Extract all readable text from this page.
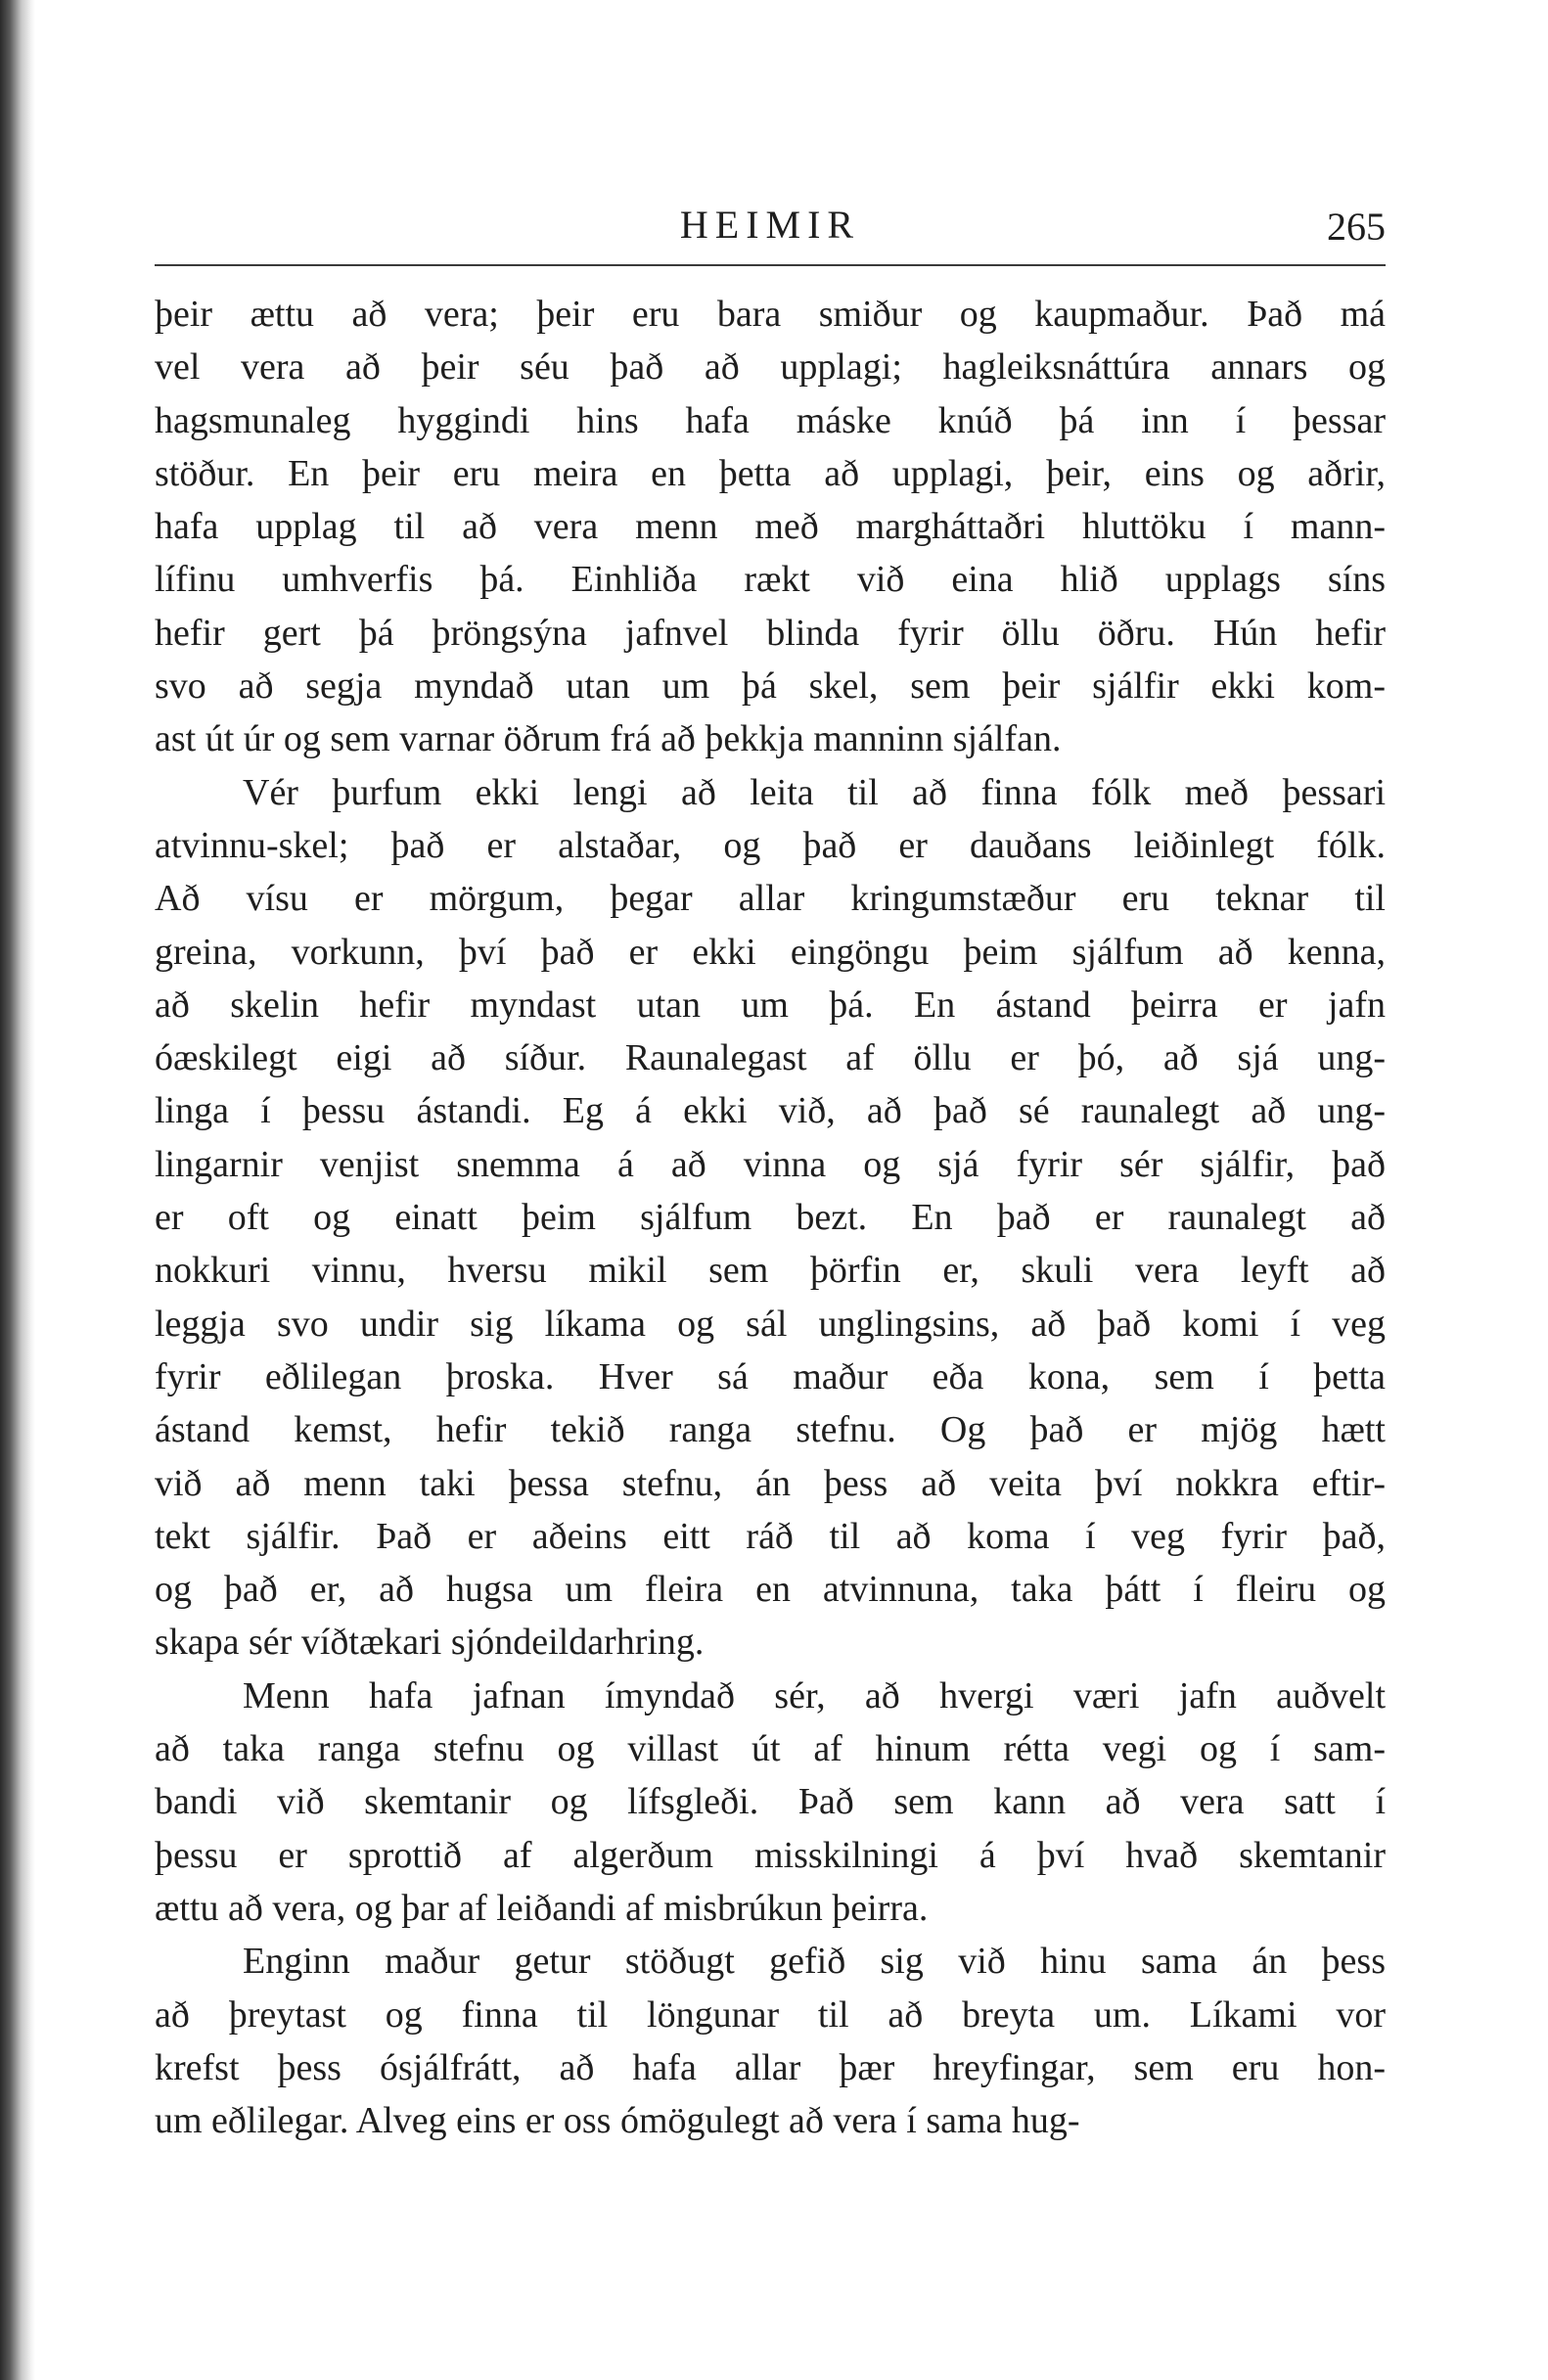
HEIMIR	265
þeir ættu að vera; þeir eru bara smiður og kaupmaður. Það má
vel vera að þeir séu það að upplagi; hagleiksnáttúra annars og
hagsmunaleg hyggindi hins hafa máske knúð þá inn í þessar
stöður. En þeir eru meira en þetta að upplagi, þeir, eins og aðrir,
hafa upplag til að vera menn með margháttaðri hluttöku í mann-
lífinu umhverfis þá. Einhliða rækt við eina hlið upplags síns
hefir gert þá þröngsýna jafnvel blinda fyrir öllu öðru. Hún hefir
svo að segja myndað utan um þá skel, sem þeir sjálfir ekki kom-
ast út úr og sem varnar öðrum frá að þekkja manninn sjálfan.
Vér þurfum ekki lengi að leita til að finna fólk með þessari
atvinnu-skel; það er alstaðar, og það er dauðans leiðinlegt fólk.
Að vísu er mörgum, þegar allar kringumstæður eru teknar til
greina, vorkunn, því það er ekki eingöngu þeim sjálfum að kenna,
að skelin hefir myndast utan um þá. En ástand þeirra er jafn
óæskilegt eigi að síður. Raunalegast af öllu er þó, að sjá ung-
linga í þessu ástandi. Eg á ekki við, að það sé raunalegt að ung-
lingarnir venjist snemma á að vinna og sjá fyrir sér sjálfir, það
er oft og einatt þeim sjálfum bezt. En það er raunalegt að
nokkuri vinnu, hversu mikil sem þörfin er, skuli vera leyft að
leggja svo undir sig líkama og sál unglingsins, að það komi í veg
fyrir eðlilegan þroska. Hver sá maður eða kona, sem í þetta
ástand kemst, hefir tekið ranga stefnu. Og það er mjög hætt
við að menn taki þessa stefnu, án þess að veita því nokkra eftir-
tekt sjálfir. Það er aðeins eitt ráð til að koma í veg fyrir það,
og það er, að hugsa um fleira en atvinnuna, taka þátt í fleiru og
skapa sér víðtækari sjóndeildarhring.
Menn hafa jafnan ímyndað sér, að hvergi væri jafn auðvelt
að taka ranga stefnu og villast út af hinum rétta vegi og í sam-
bandi við skemtanir og lífsgleði. Það sem kann að vera satt í
þessu er sprottið af algerðum misskilningi á því hvað skemtanir
ættu að vera, og þar af leiðandi af misbrúkun þeirra.
Enginn maður getur stöðugt gefið sig við hinu sama án þess
að þreytast og finna til löngunar til að breyta um. Líkami vor
krefst þess ósjálfrátt, að hafa allar þær hreyfingar, sem eru hon-
um eðlilegar. Alveg eins er oss ómögulegt að vera í sama hug-
